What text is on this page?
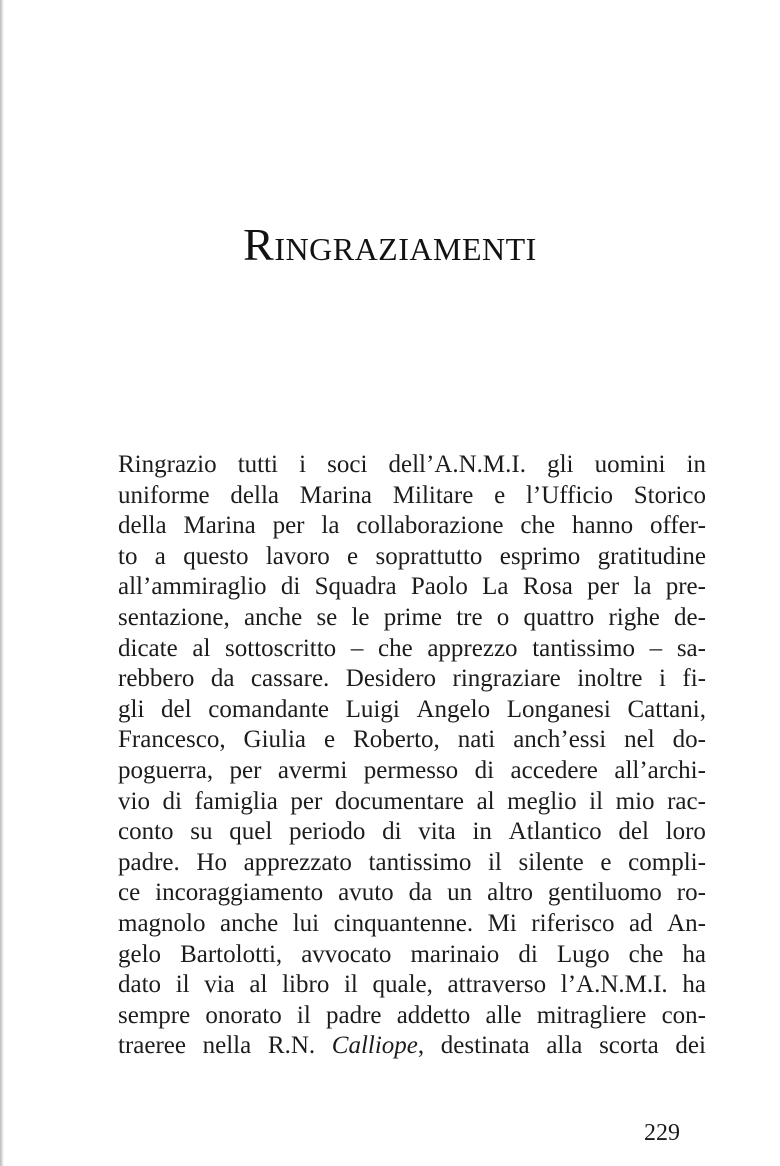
Ringraziamenti
Ringrazio tutti i soci dell’A.N.M.I. gli uomini in
uniforme della Marina Militare e l’Ufficio Storico
della Marina per la collaborazione che hanno offer-
to a questo lavoro e soprattutto esprimo gratitudine
all’ammiraglio di Squadra Paolo La Rosa per la pre-
sentazione, anche se le prime tre o quattro righe de-
dicate al sottoscritto – che apprezzo tantissimo – sa-
rebbero da cassare. Desidero ringraziare inoltre i fi-
gli del comandante Luigi Angelo Longanesi Cattani,
Francesco, Giulia e Roberto, nati anch’essi nel do-
poguerra, per avermi permesso di accedere all’archi-
vio di famiglia per documentare al meglio il mio rac-
conto su quel periodo di vita in Atlantico del loro
padre. Ho apprezzato tantissimo il silente e compli-
ce incoraggiamento avuto da un altro gentiluomo ro-
magnolo anche lui cinquantenne. Mi riferisco ad An-
gelo Bartolotti, avvocato marinaio di Lugo che ha
dato il via al libro il quale, attraverso l’A.N.M.I. ha
sempre onorato il padre addetto alle mitragliere con-
traeree nella R.N. Calliope, destinata alla scorta dei
229
